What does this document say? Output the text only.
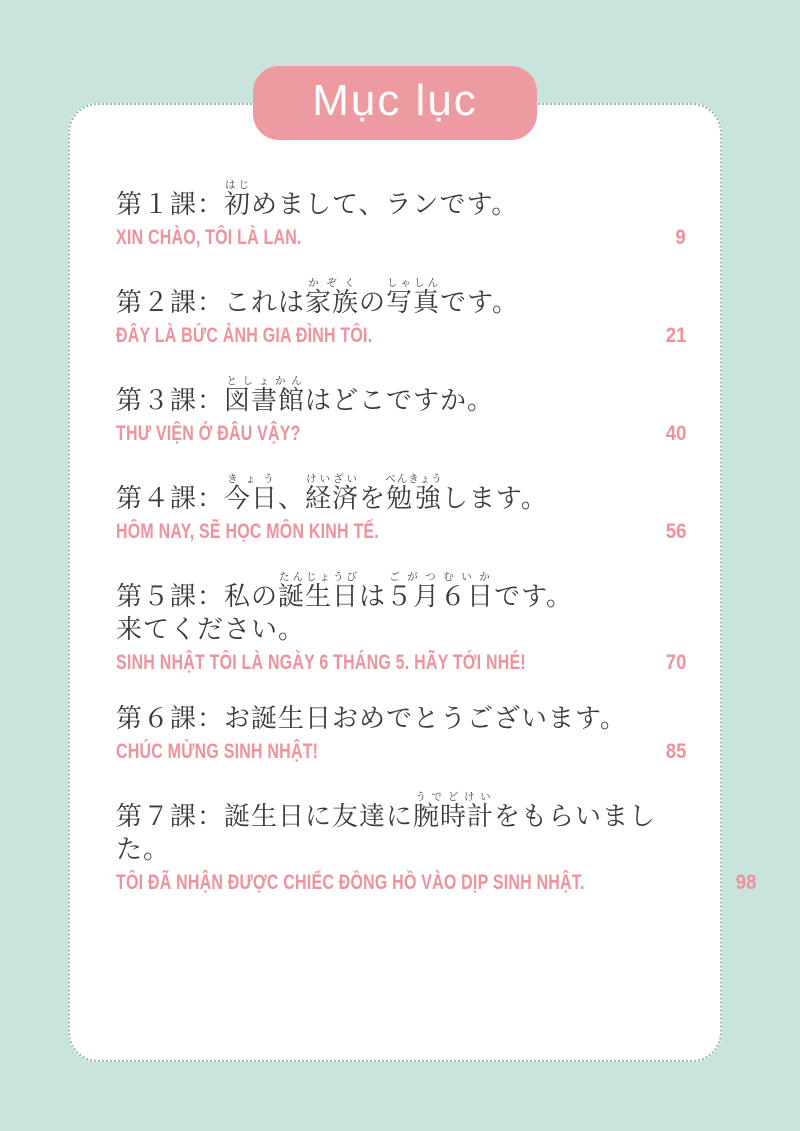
Mục lục
第１課：初はじめまして、ランです。
XIN CHÀO, TÔI LÀ LAN.	9
第２課：これは家族かぞくの写真しゃしんです。
ĐÂY LÀ BỨC ẢNH GIA ĐÌNH TÔI.	21
第３課：図書館としょかんはどこですか。
THƯ VIỆN Ở ĐÂU VẬY?	40
第４課：今日きょう、経済けいざいを勉強べんきょうします。
HÔM NAY, SẼ HỌC MÔN KINH TẾ.	56
第５課：私の誕生日たんじょうびは５月６日ごがつむいかです。
来てください。
SINH NHẬT TÔI LÀ NGÀY 6 THÁNG 5. HÃY TỚI NHÉ!	70
第６課：お誕生日おめでとうございます。
CHÚC MỪNG SINH NHẬT!	85
第７課：誕生日に友達に腕時計うでどけいをもらいました。
TÔI ĐÃ NHẬN ĐƯỢC CHIẾC ĐỒNG HỒ VÀO DỊP SINH NHẬT.	98
